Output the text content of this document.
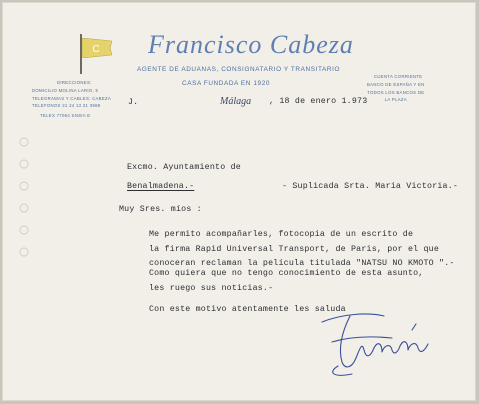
C Francisco Cabeza
AGENTE DE ADUANAS, CONSIGNATARIO Y TRANSITARIO
CASA FUNDADA EN 1920
DIRECCIONES:
DOMICILIO MOLINA LARIO, 5
TELEGRAMAS Y CABLES: CABEZA
TELEFONOS 21 24 13 21 3989
TELEX 77064 SNSIA E
CUENTA CORRIENTE
BANCO DE ESPAÑA Y EN
TODOS LOS BANCOS DE
LA PLAZA
J.	Málaga , 18 de enero 1.973
Excmo. Ayuntamiento de
Benalmadena.-	- Suplicada Srta. Maria Victoria.-
Muy Sres. míos :
Me permito acompañarles, fotocopia de un escrito de
la firma Rapid Universal Transport, de Paris, por el que
conoceran reclaman la película titulada "NATSU NO KMOTO ".-
Como quiera que no tengo conocimiento de esta asunto,
les ruego sus noticias.-
Con este motivo atentamente les saluda
